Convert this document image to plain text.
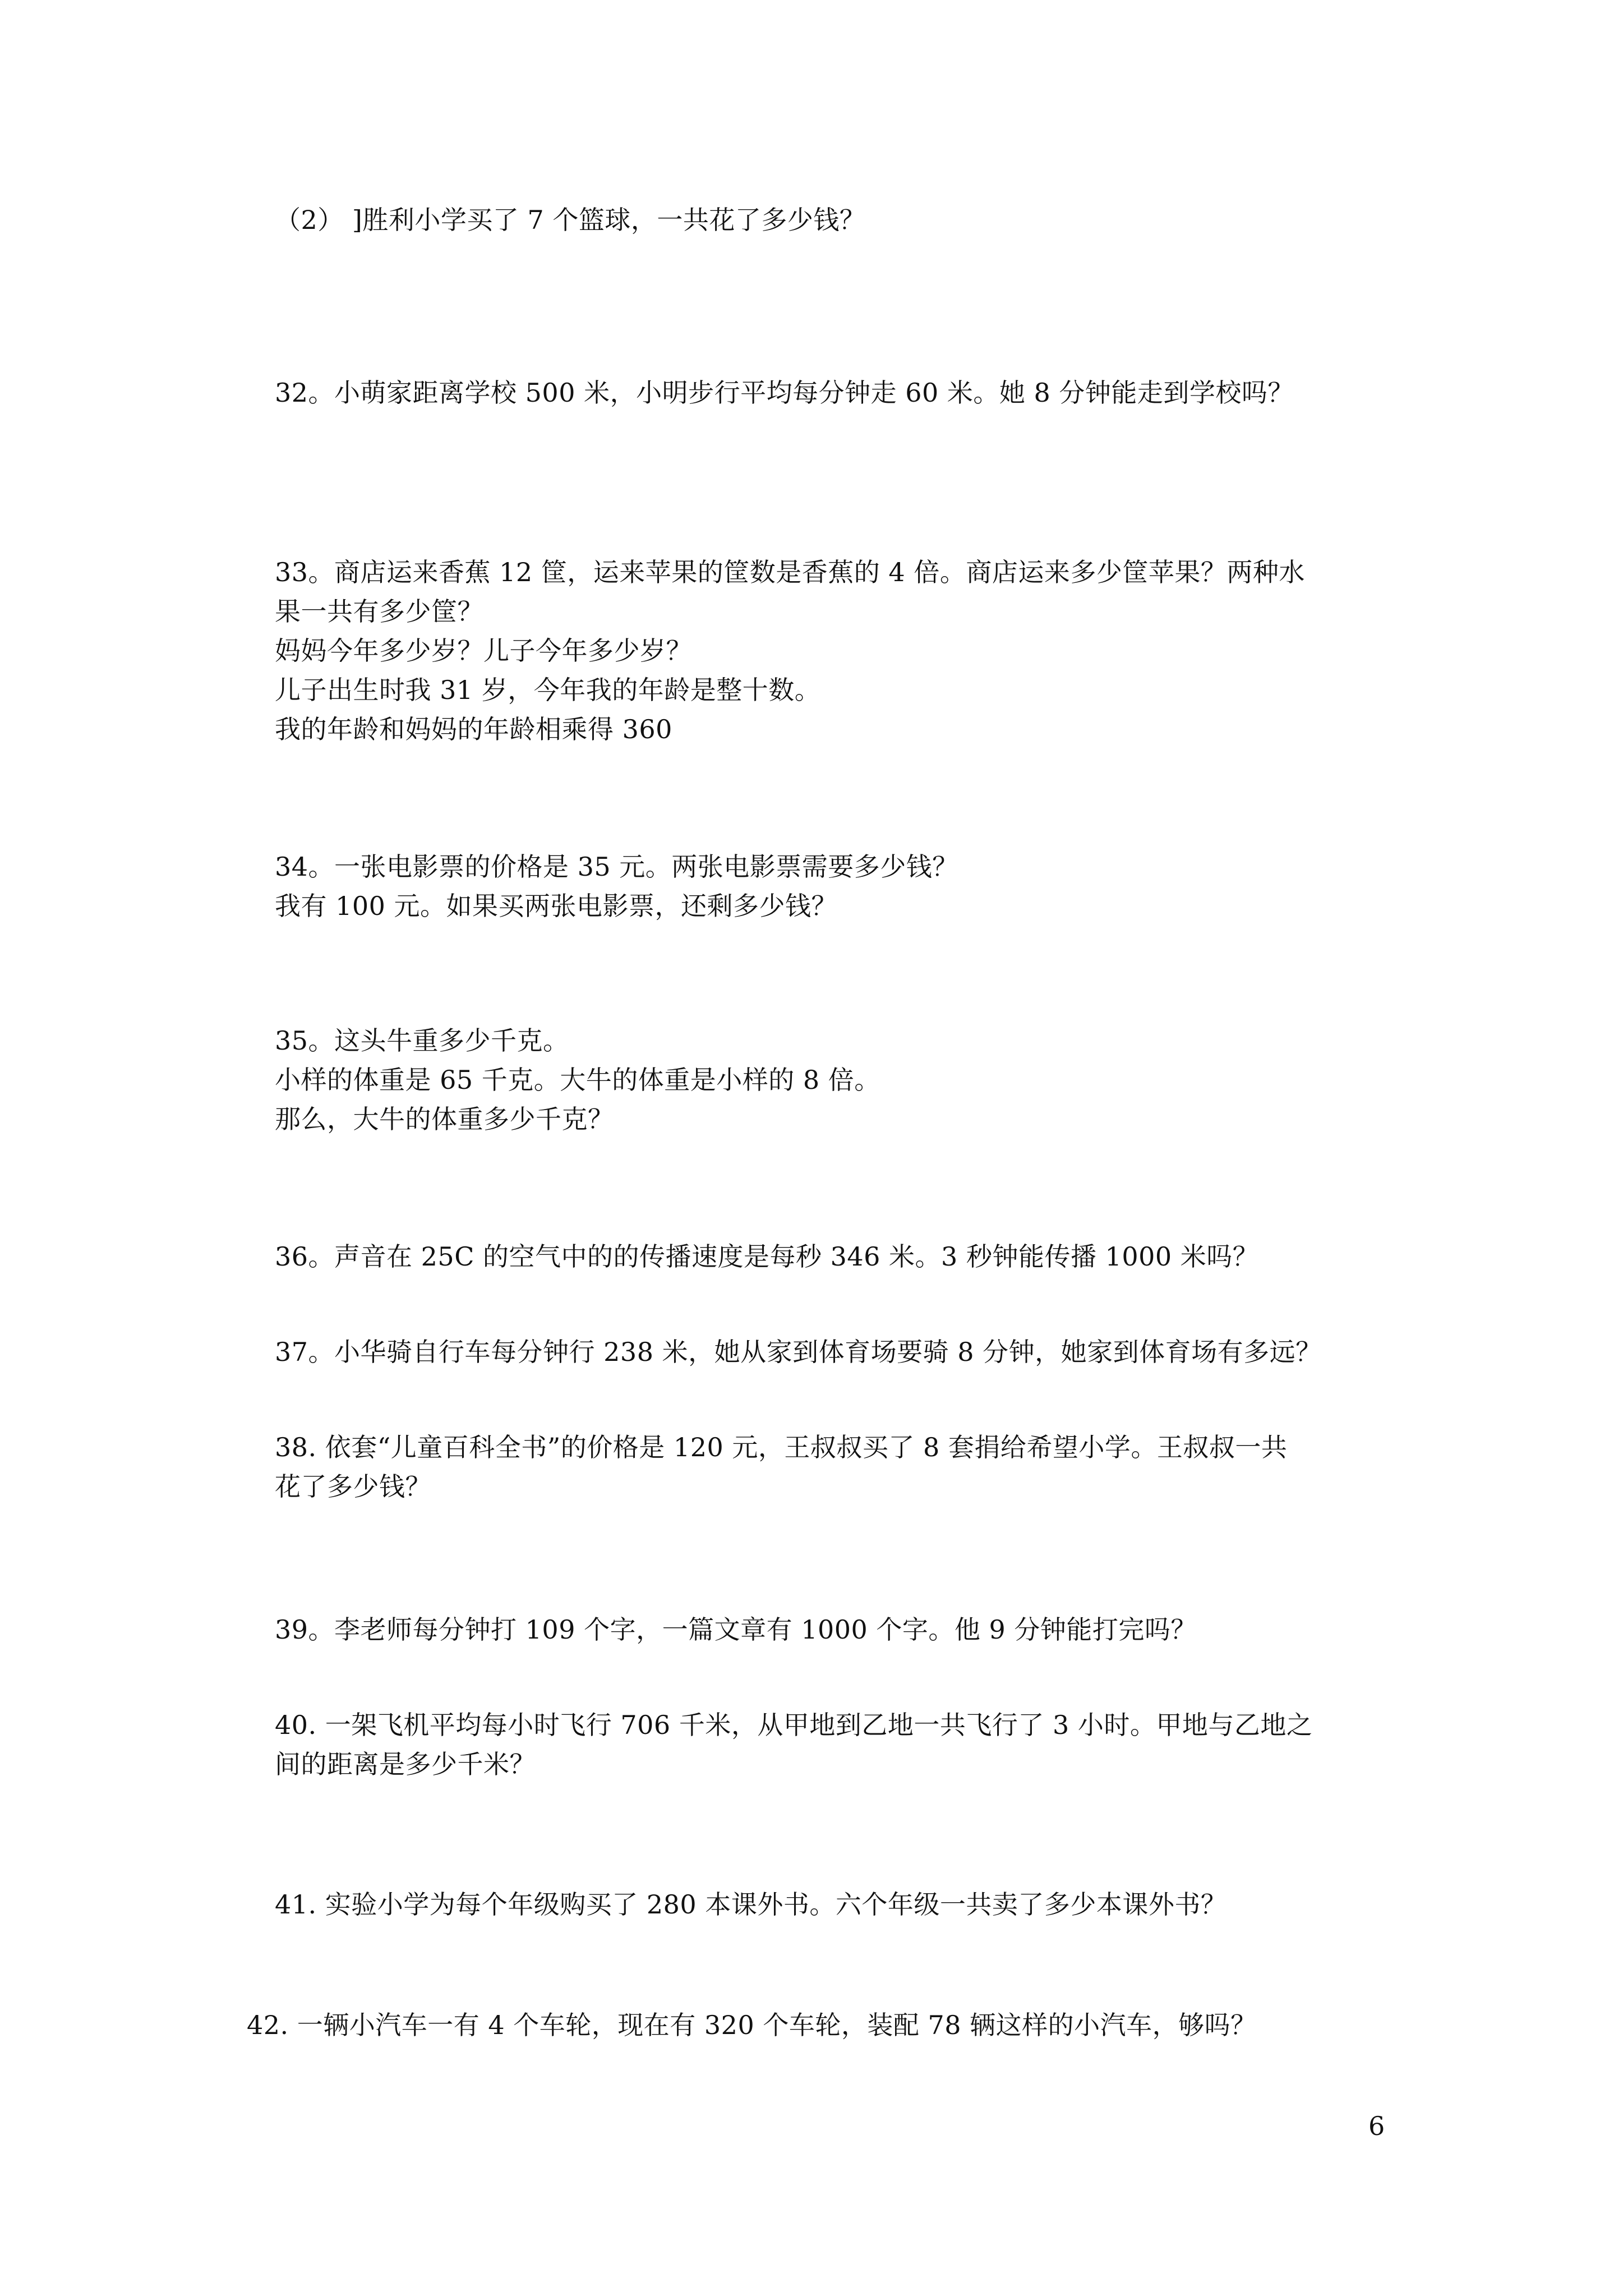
（2） ]胜利小学买了 7 个篮球，一共花了多少钱？

32。小萌家距离学校 500 米，小明步行平均每分钟走 60 米。她 8 分钟能走到学校吗？

33。商店运来香蕉 12 筐，运来苹果的筐数是香蕉的 4 倍。商店运来多少筐苹果？两种水

果一共有多少筐？

妈妈今年多少岁？儿子今年多少岁？

儿子出生时我 31 岁，今年我的年龄是整十数。

我的年龄和妈妈的年龄相乘得 360

34。一张电影票的价格是 35 元。两张电影票需要多少钱？

我有 100 元。如果买两张电影票，还剩多少钱？

35。这头牛重多少千克。

小样的体重是 65 千克。大牛的体重是小样的 8 倍。

那么，大牛的体重多少千克？

36。声音在 25C 的空气中的的传播速度是每秒 346 米。3 秒钟能传播 1000 米吗？

37。小华骑自行车每分钟行 238 米，她从家到体育场要骑 8 分钟，她家到体育场有多远？

38. 依套“儿童百科全书”的价格是 120 元，王叔叔买了 8 套捐给希望小学。王叔叔一共

花了多少钱？

39。李老师每分钟打 109 个字，一篇文章有 1000 个字。他 9 分钟能打完吗？

40. 一架飞机平均每小时飞行 706 千米，从甲地到乙地一共飞行了 3 小时。甲地与乙地之

间的距离是多少千米？

41. 实验小学为每个年级购买了 280 本课外书。六个年级一共卖了多少本课外书？

42. 一辆小汽车一有 4 个车轮，现在有 320 个车轮，装配 78 辆这样的小汽车，够吗？

6
